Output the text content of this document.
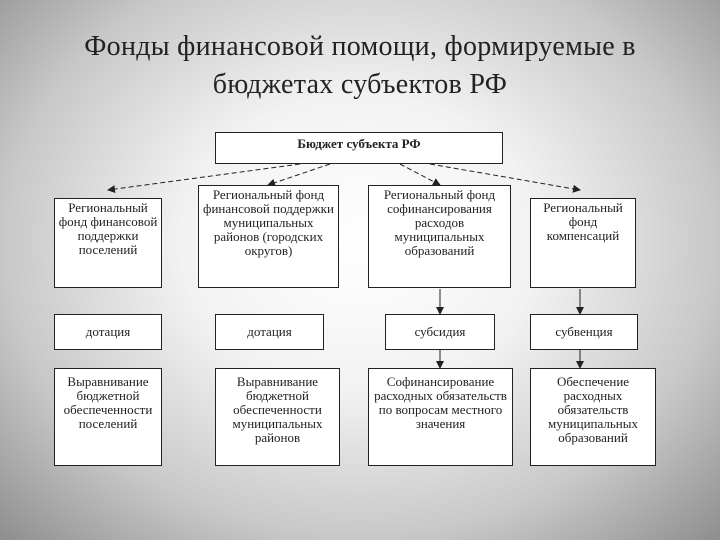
Фонды финансовой помощи, формируемые в
бюджетах субъектов РФ
Бюджет субъекта РФ
Региональный фонд финансовой поддержки поселений
Региональный фонд финансовой поддержки муниципальных районов (городских округов)
Региональный фонд софинансирования расходов муниципальных образований
Региональный фонд компенсаций
дотация	дотация	субсидия	субвенция
Выравнивание бюджетной обеспеченности поселений
Выравнивание бюджетной обеспеченности муниципальных районов
Софинансирование расходных обязательств по вопросам местного значения
Обеспечение расходных обязательств муниципальных образований
